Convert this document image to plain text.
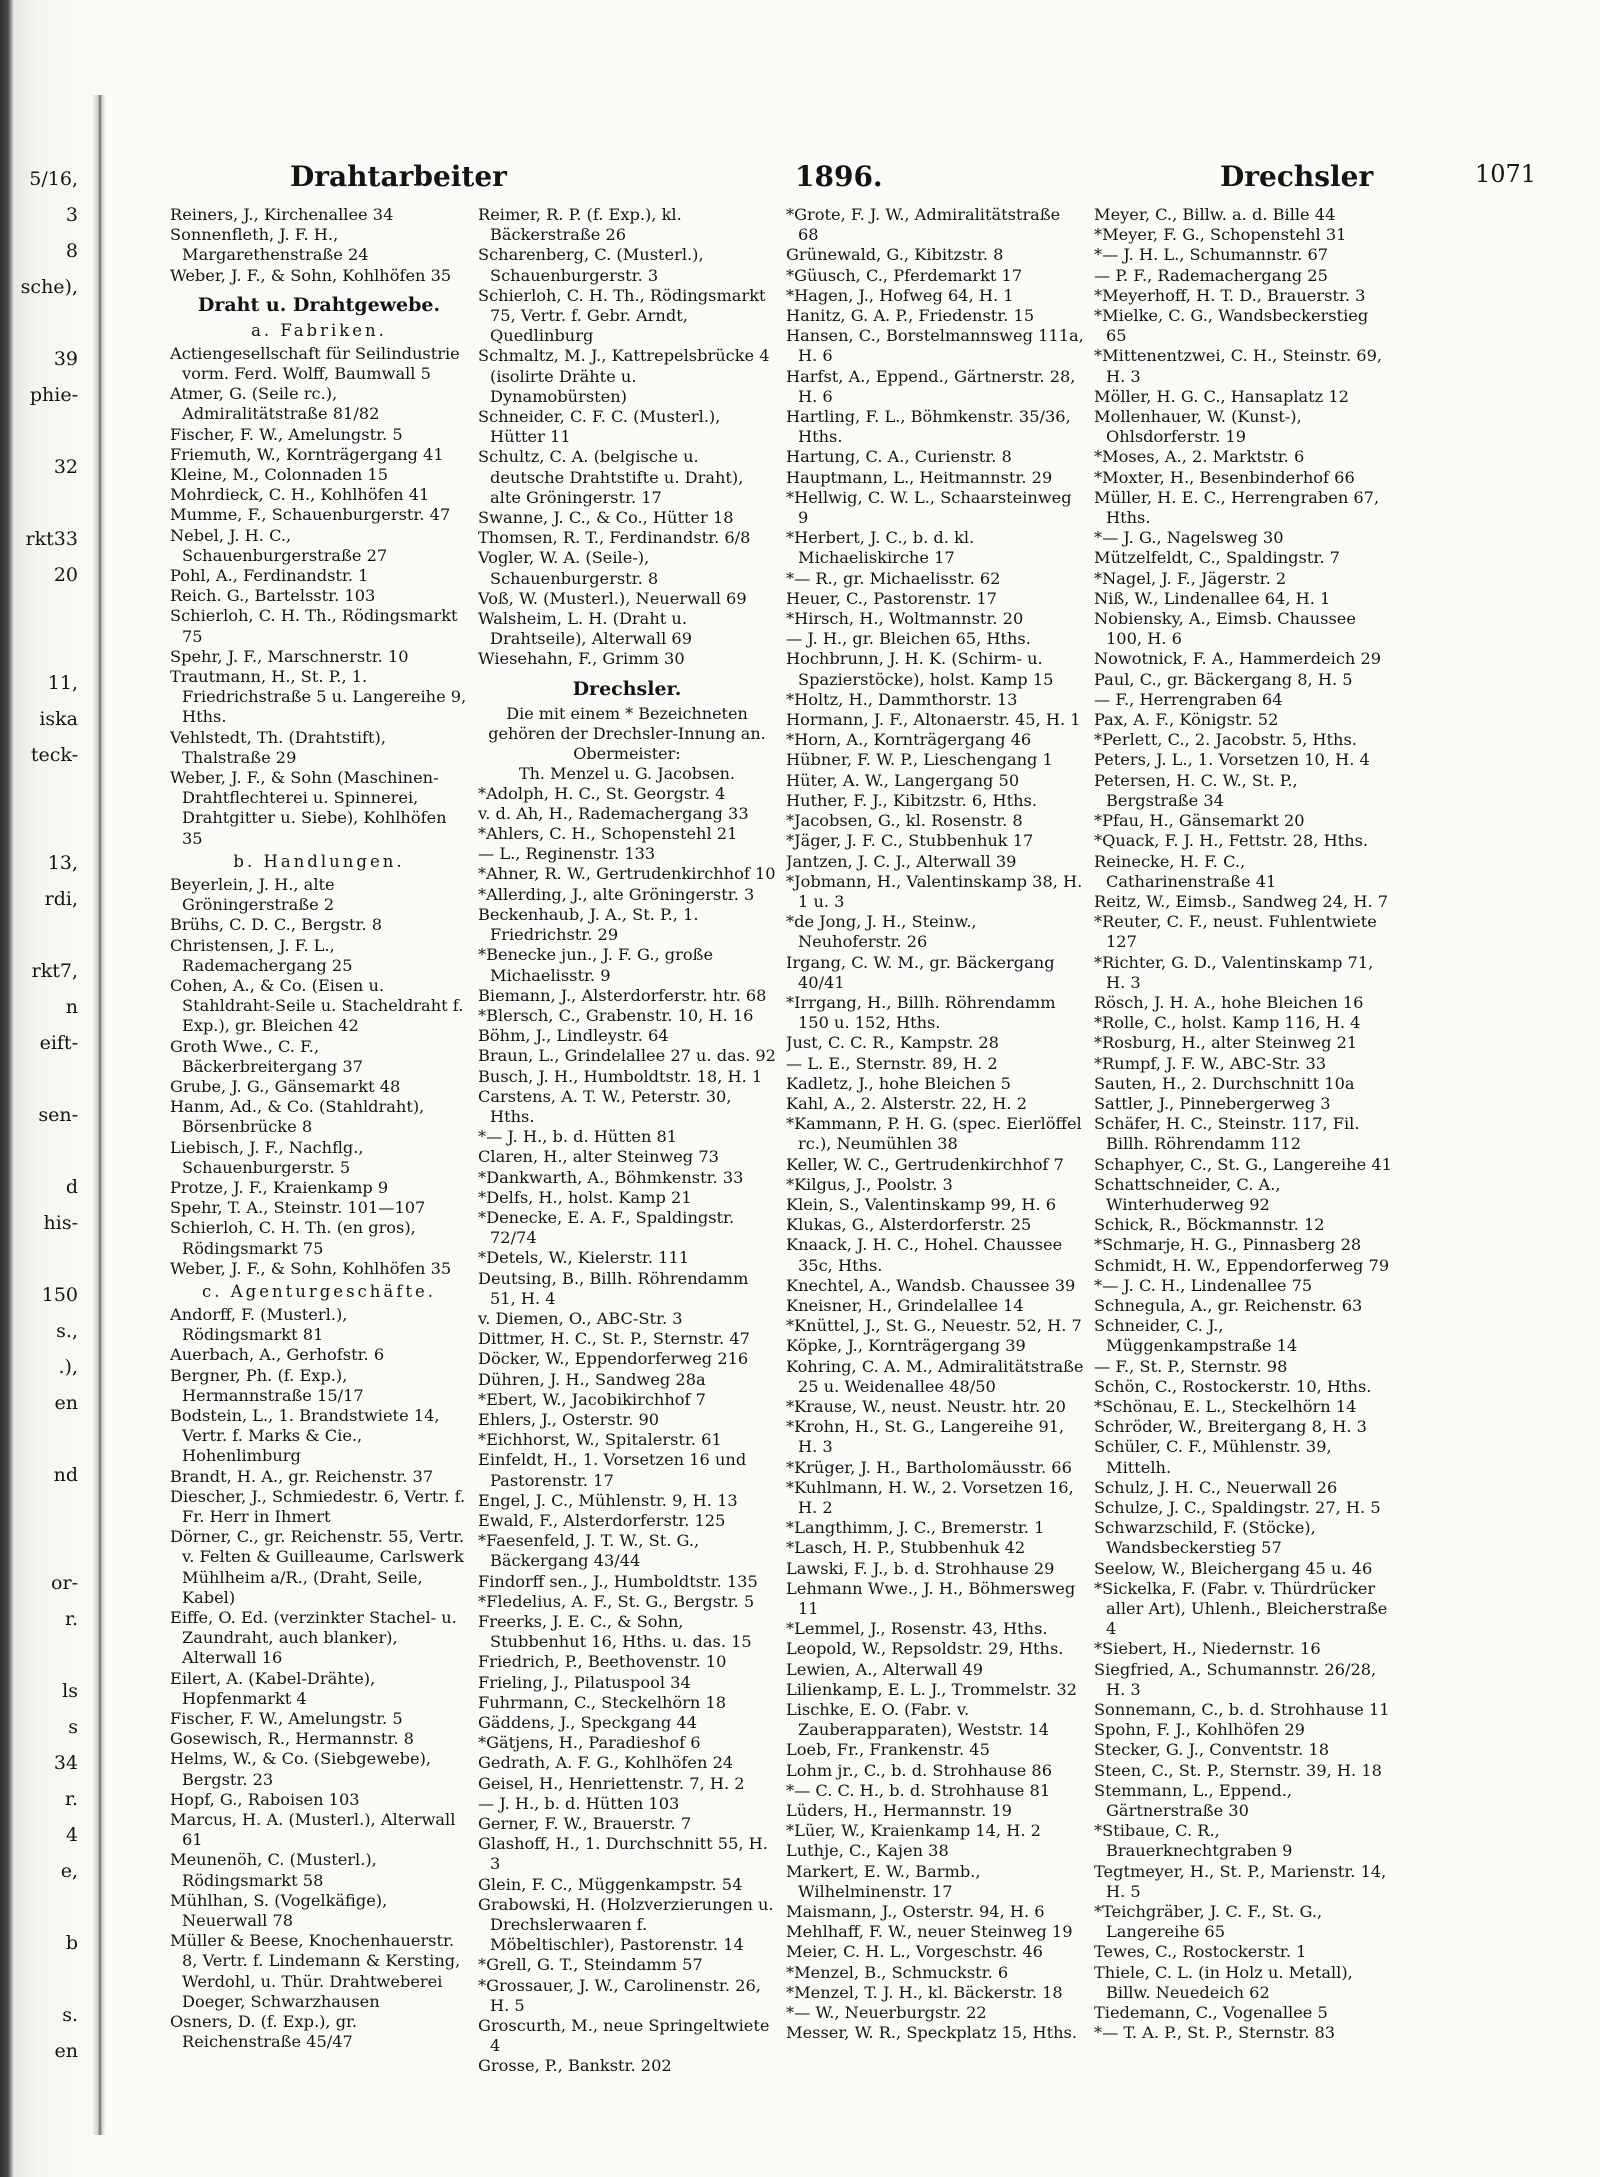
5/16,
3
8
sche),
39
phie-
32
rkt33
20
11,
iska
teck-
13,
rdi,
rkt7,
n
eift-
sen-
d
his-
150
s.,
.),
en
nd
or-
r.
ls
s
34
r.
4
e,
b
s.
en
Drahtarbeiter	1896.	Drechsler	1071
Reiners, J., Kirchenallee 34
Sonnenfleth, J. F. H., Margarethenstraße 24
Weber, J. F., & Sohn, Kohlhöfen 35
Draht u. Drahtgewebe.
a. Fabriken.
Actiengesellschaft für Seilindustrie vorm. Ferd. Wolff, Baumwall 5
Atmer, G. (Seile rc.), Admiralitätstraße 81/82
Fischer, F. W., Amelungstr. 5
Friemuth, W., Kornträgergang 41
Kleine, M., Colonnaden 15
Mohrdieck, C. H., Kohlhöfen 41
Mumme, F., Schauenburgerstr. 47
Nebel, J. H. C., Schauenburgerstraße 27
Pohl, A., Ferdinandstr. 1
Reich. G., Bartelsstr. 103
Schierloh, C. H. Th., Rödingsmarkt 75
Spehr, J. F., Marschnerstr. 10
Trautmann, H., St. P., 1. Friedrichstraße 5 u. Langereihe 9, Hths.
Vehlstedt, Th. (Drahtstift), Thalstraße 29
Weber, J. F., & Sohn (Maschinen-Drahtflechterei u. Spinnerei, Drahtgitter u. Siebe), Kohlhöfen 35
b. Handlungen.
Beyerlein, J. H., alte Gröningerstraße 2
Brühs, C. D. C., Bergstr. 8
Christensen, J. F. L., Rademachergang 25
Cohen, A., & Co. (Eisen u. Stahldraht-Seile u. Stacheldraht f. Exp.), gr. Bleichen 42
Groth Wwe., C. F., Bäckerbreitergang 37
Grube, J. G., Gänsemarkt 48
Hanm, Ad., & Co. (Stahldraht), Börsenbrücke 8
Liebisch, J. F., Nachflg., Schauenburgerstr. 5
Protze, J. F., Kraienkamp 9
Spehr, T. A., Steinstr. 101—107
Schierloh, C. H. Th. (en gros), Rödingsmarkt 75
Weber, J. F., & Sohn, Kohlhöfen 35
c. Agenturgeschäfte.
Andorff, F. (Musterl.), Rödingsmarkt 81
Auerbach, A., Gerhofstr. 6
Bergner, Ph. (f. Exp.), Hermannstraße 15/17
Bodstein, L., 1. Brandstwiete 14, Vertr. f. Marks & Cie., Hohenlimburg
Brandt, H. A., gr. Reichenstr. 37
Diescher, J., Schmiedestr. 6, Vertr. f. Fr. Herr in Ihmert
Dörner, C., gr. Reichenstr. 55, Vertr. v. Felten & Guilleaume, Carlswerk Mühlheim a/R., (Draht, Seile, Kabel)
Eiffe, O. Ed. (verzinkter Stachel- u. Zaundraht, auch blanker), Alterwall 16
Eilert, A. (Kabel-Drähte), Hopfenmarkt 4
Fischer, F. W., Amelungstr. 5
Gosewisch, R., Hermannstr. 8
Helms, W., & Co. (Siebgewebe), Bergstr. 23
Hopf, G., Raboisen 103
Marcus, H. A. (Musterl.), Alterwall 61
Meunenöh, C. (Musterl.), Rödingsmarkt 58
Mühlhan, S. (Vogelkäfige), Neuerwall 78
Müller & Beese, Knochenhauerstr. 8, Vertr. f. Lindemann & Kersting, Werdohl, u. Thür. Drahtweberei Doeger, Schwarzhausen
Osners, D. (f. Exp.), gr. Reichenstraße 45/47
Reimer, R. P. (f. Exp.), kl. Bäckerstraße 26
Scharenberg, C. (Musterl.), Schauenburgerstr. 3
Schierloh, C. H. Th., Rödingsmarkt 75, Vertr. f. Gebr. Arndt, Quedlinburg
Schmaltz, M. J., Kattrepelsbrücke 4 (isolirte Drähte u. Dynamobürsten)
Schneider, C. F. C. (Musterl.), Hütter 11
Schultz, C. A. (belgische u. deutsche Drahtstifte u. Draht), alte Gröningerstr. 17
Swanne, J. C., & Co., Hütter 18
Thomsen, R. T., Ferdinandstr. 6/8
Vogler, W. A. (Seile-), Schauenburgerstr. 8
Voß, W. (Musterl.), Neuerwall 69
Walsheim, L. H. (Draht u. Drahtseile), Alterwall 69
Wiesehahn, F., Grimm 30
Drechsler.
Die mit einem * Bezeichneten gehören der Drechsler-Innung an.
Obermeister:
Th. Menzel u. G. Jacobsen.
*Adolph, H. C., St. Georgstr. 4
v. d. Ah, H., Rademachergang 33
*Ahlers, C. H., Schopenstehl 21
— L., Reginenstr. 133
*Ahner, R. W., Gertrudenkirchhof 10
*Allerding, J., alte Gröningerstr. 3
Beckenhaub, J. A., St. P., 1. Friedrichstr. 29
*Benecke jun., J. F. G., große Michaelisstr. 9
Biemann, J., Alsterdorferstr. htr. 68
*Blersch, C., Grabenstr. 10, H. 16
Böhm, J., Lindleystr. 64
Braun, L., Grindelallee 27 u. das. 92
Busch, J. H., Humboldtstr. 18, H. 1
Carstens, A. T. W., Peterstr. 30, Hths.
*— J. H., b. d. Hütten 81
Claren, H., alter Steinweg 73
*Dankwarth, A., Böhmkenstr. 33
*Delfs, H., holst. Kamp 21
*Denecke, E. A. F., Spaldingstr. 72/74
*Detels, W., Kielerstr. 111
Deutsing, B., Billh. Röhrendamm 51, H. 4
v. Diemen, O., ABC-Str. 3
Dittmer, H. C., St. P., Sternstr. 47
Döcker, W., Eppendorferweg 216
Dühren, J. H., Sandweg 28a
*Ebert, W., Jacobikirchhof 7
Ehlers, J., Osterstr. 90
*Eichhorst, W., Spitalerstr. 61
Einfeldt, H., 1. Vorsetzen 16 und Pastorenstr. 17
Engel, J. C., Mühlenstr. 9, H. 13
Ewald, F., Alsterdorferstr. 125
*Faesenfeld, J. T. W., St. G., Bäckergang 43/44
Findorff sen., J., Humboldtstr. 135
*Fledelius, A. F., St. G., Bergstr. 5
Freerks, J. E. C., & Sohn, Stubbenhut 16, Hths. u. das. 15
Friedrich, P., Beethovenstr. 10
Frieling, J., Pilatuspool 34
Fuhrmann, C., Steckelhörn 18
Gäddens, J., Speckgang 44
*Gätjens, H., Paradieshof 6
Gedrath, A. F. G., Kohlhöfen 24
Geisel, H., Henriettenstr. 7, H. 2
— J. H., b. d. Hütten 103
Gerner, F. W., Brauerstr. 7
Glashoff, H., 1. Durchschnitt 55, H. 3
Glein, F. C., Müggenkampstr. 54
Grabowski, H. (Holzverzierungen u. Drechslerwaaren f. Möbeltischler), Pastorenstr. 14
*Grell, G. T., Steindamm 57
*Grossauer, J. W., Carolinenstr. 26, H. 5
Groscurth, M., neue Springeltwiete 4
Grosse, P., Bankstr. 202
*Grote, F. J. W., Admiralitätstraße 68
Grünewald, G., Kibitzstr. 8
*Güusch, C., Pferdemarkt 17
*Hagen, J., Hofweg 64, H. 1
Hanitz, G. A. P., Friedenstr. 15
Hansen, C., Borstelmannsweg 111a, H. 6
Harfst, A., Eppend., Gärtnerstr. 28, H. 6
Hartling, F. L., Böhmkenstr. 35/36, Hths.
Hartung, C. A., Curienstr. 8
Hauptmann, L., Heitmannstr. 29
*Hellwig, C. W. L., Schaarsteinweg 9
*Herbert, J. C., b. d. kl. Michaeliskirche 17
*— R., gr. Michaelisstr. 62
Heuer, C., Pastorenstr. 17
*Hirsch, H., Woltmannstr. 20
— J. H., gr. Bleichen 65, Hths.
Hochbrunn, J. H. K. (Schirm- u. Spazierstöcke), holst. Kamp 15
*Holtz, H., Dammthorstr. 13
Hormann, J. F., Altonaerstr. 45, H. 1
*Horn, A., Kornträgergang 46
Hübner, F. W. P., Lieschengang 1
Hüter, A. W., Langergang 50
Huther, F. J., Kibitzstr. 6, Hths.
*Jacobsen, G., kl. Rosenstr. 8
*Jäger, J. F. C., Stubbenhuk 17
Jantzen, J. C. J., Alterwall 39
*Jobmann, H., Valentinskamp 38, H. 1 u. 3
*de Jong, J. H., Steinw., Neuhoferstr. 26
Irgang, C. W. M., gr. Bäckergang 40/41
*Irrgang, H., Billh. Röhrendamm 150 u. 152, Hths.
Just, C. C. R., Kampstr. 28
— L. E., Sternstr. 89, H. 2
Kadletz, J., hohe Bleichen 5
Kahl, A., 2. Alsterstr. 22, H. 2
*Kammann, P. H. G. (spec. Eierlöffel rc.), Neumühlen 38
Keller, W. C., Gertrudenkirchhof 7
*Kilgus, J., Poolstr. 3
Klein, S., Valentinskamp 99, H. 6
Klukas, G., Alsterdorferstr. 25
Knaack, J. H. C., Hohel. Chaussee 35c, Hths.
Knechtel, A., Wandsb. Chaussee 39
Kneisner, H., Grindelallee 14
*Knüttel, J., St. G., Neuestr. 52, H. 7
Köpke, J., Kornträgergang 39
Kohring, C. A. M., Admiralitätstraße 25 u. Weidenallee 48/50
*Krause, W., neust. Neustr. htr. 20
*Krohn, H., St. G., Langereihe 91, H. 3
*Krüger, J. H., Bartholomäusstr. 66
*Kuhlmann, H. W., 2. Vorsetzen 16, H. 2
*Langthimm, J. C., Bremerstr. 1
*Lasch, H. P., Stubbenhuk 42
Lawski, F. J., b. d. Strohhause 29
Lehmann Wwe., J. H., Böhmersweg 11
*Lemmel, J., Rosenstr. 43, Hths.
Leopold, W., Repsoldstr. 29, Hths.
Lewien, A., Alterwall 49
Lilienkamp, E. L. J., Trommelstr. 32
Lischke, E. O. (Fabr. v. Zauberapparaten), Weststr. 14
Loeb, Fr., Frankenstr. 45
Lohm jr., C., b. d. Strohhause 86
*— C. C. H., b. d. Strohhause 81
Lüders, H., Hermannstr. 19
*Lüer, W., Kraienkamp 14, H. 2
Luthje, C., Kajen 38
Markert, E. W., Barmb., Wilhelminenstr. 17
Maismann, J., Osterstr. 94, H. 6
Mehlhaff, F. W., neuer Steinweg 19
Meier, C. H. L., Vorgeschstr. 46
*Menzel, B., Schmuckstr. 6
*Menzel, T. J. H., kl. Bäckerstr. 18
*— W., Neuerburgstr. 22
Messer, W. R., Speckplatz 15, Hths.
Meyer, C., Billw. a. d. Bille 44
*Meyer, F. G., Schopenstehl 31
*— J. H. L., Schumannstr. 67
— P. F., Rademachergang 25
*Meyerhoff, H. T. D., Brauerstr. 3
*Mielke, C. G., Wandsbeckerstieg 65
*Mittenentzwei, C. H., Steinstr. 69, H. 3
Möller, H. G. C., Hansaplatz 12
Mollenhauer, W. (Kunst-), Ohlsdorferstr. 19
*Moses, A., 2. Marktstr. 6
*Moxter, H., Besenbinderhof 66
Müller, H. E. C., Herrengraben 67, Hths.
*— J. G., Nagelsweg 30
Mützelfeldt, C., Spaldingstr. 7
*Nagel, J. F., Jägerstr. 2
Niß, W., Lindenallee 64, H. 1
Nobiensky, A., Eimsb. Chaussee 100, H. 6
Nowotnick, F. A., Hammerdeich 29
Paul, C., gr. Bäckergang 8, H. 5
— F., Herrengraben 64
Pax, A. F., Königstr. 52
*Perlett, C., 2. Jacobstr. 5, Hths.
Peters, J. L., 1. Vorsetzen 10, H. 4
Petersen, H. C. W., St. P., Bergstraße 34
*Pfau, H., Gänsemarkt 20
*Quack, F. J. H., Fettstr. 28, Hths.
Reinecke, H. F. C., Catharinenstraße 41
Reitz, W., Eimsb., Sandweg 24, H. 7
*Reuter, C. F., neust. Fuhlentwiete 127
*Richter, G. D., Valentinskamp 71, H. 3
Rösch, J. H. A., hohe Bleichen 16
*Rolle, C., holst. Kamp 116, H. 4
*Rosburg, H., alter Steinweg 21
*Rumpf, J. F. W., ABC-Str. 33
Sauten, H., 2. Durchschnitt 10a
Sattler, J., Pinnebergerweg 3
Schäfer, H. C., Steinstr. 117, Fil. Billh. Röhrendamm 112
Schaphyer, C., St. G., Langereihe 41
Schattschneider, C. A., Winterhuderweg 92
Schick, R., Böckmannstr. 12
*Schmarje, H. G., Pinnasberg 28
Schmidt, H. W., Eppendorferweg 79
*— J. C. H., Lindenallee 75
Schnegula, A., gr. Reichenstr. 63
Schneider, C. J., Müggenkampstraße 14
— F., St. P., Sternstr. 98
Schön, C., Rostockerstr. 10, Hths.
*Schönau, E. L., Steckelhörn 14
Schröder, W., Breitergang 8, H. 3
Schüler, C. F., Mühlenstr. 39, Mittelh.
Schulz, J. H. C., Neuerwall 26
Schulze, J. C., Spaldingstr. 27, H. 5
Schwarzschild, F. (Stöcke), Wandsbeckerstieg 57
Seelow, W., Bleichergang 45 u. 46
*Sickelka, F. (Fabr. v. Thürdrücker aller Art), Uhlenh., Bleicherstraße 4
*Siebert, H., Niedernstr. 16
Siegfried, A., Schumannstr. 26/28, H. 3
Sonnemann, C., b. d. Strohhause 11
Spohn, F. J., Kohlhöfen 29
Stecker, G. J., Conventstr. 18
Steen, C., St. P., Sternstr. 39, H. 18
Stemmann, L., Eppend., Gärtnerstraße 30
*Stibaue, C. R., Brauerknechtgraben 9
Tegtmeyer, H., St. P., Marienstr. 14, H. 5
*Teichgräber, J. C. F., St. G., Langereihe 65
Tewes, C., Rostockerstr. 1
Thiele, C. L. (in Holz u. Metall), Billw. Neuedeich 62
Tiedemann, C., Vogenallee 5
*— T. A. P., St. P., Sternstr. 83
